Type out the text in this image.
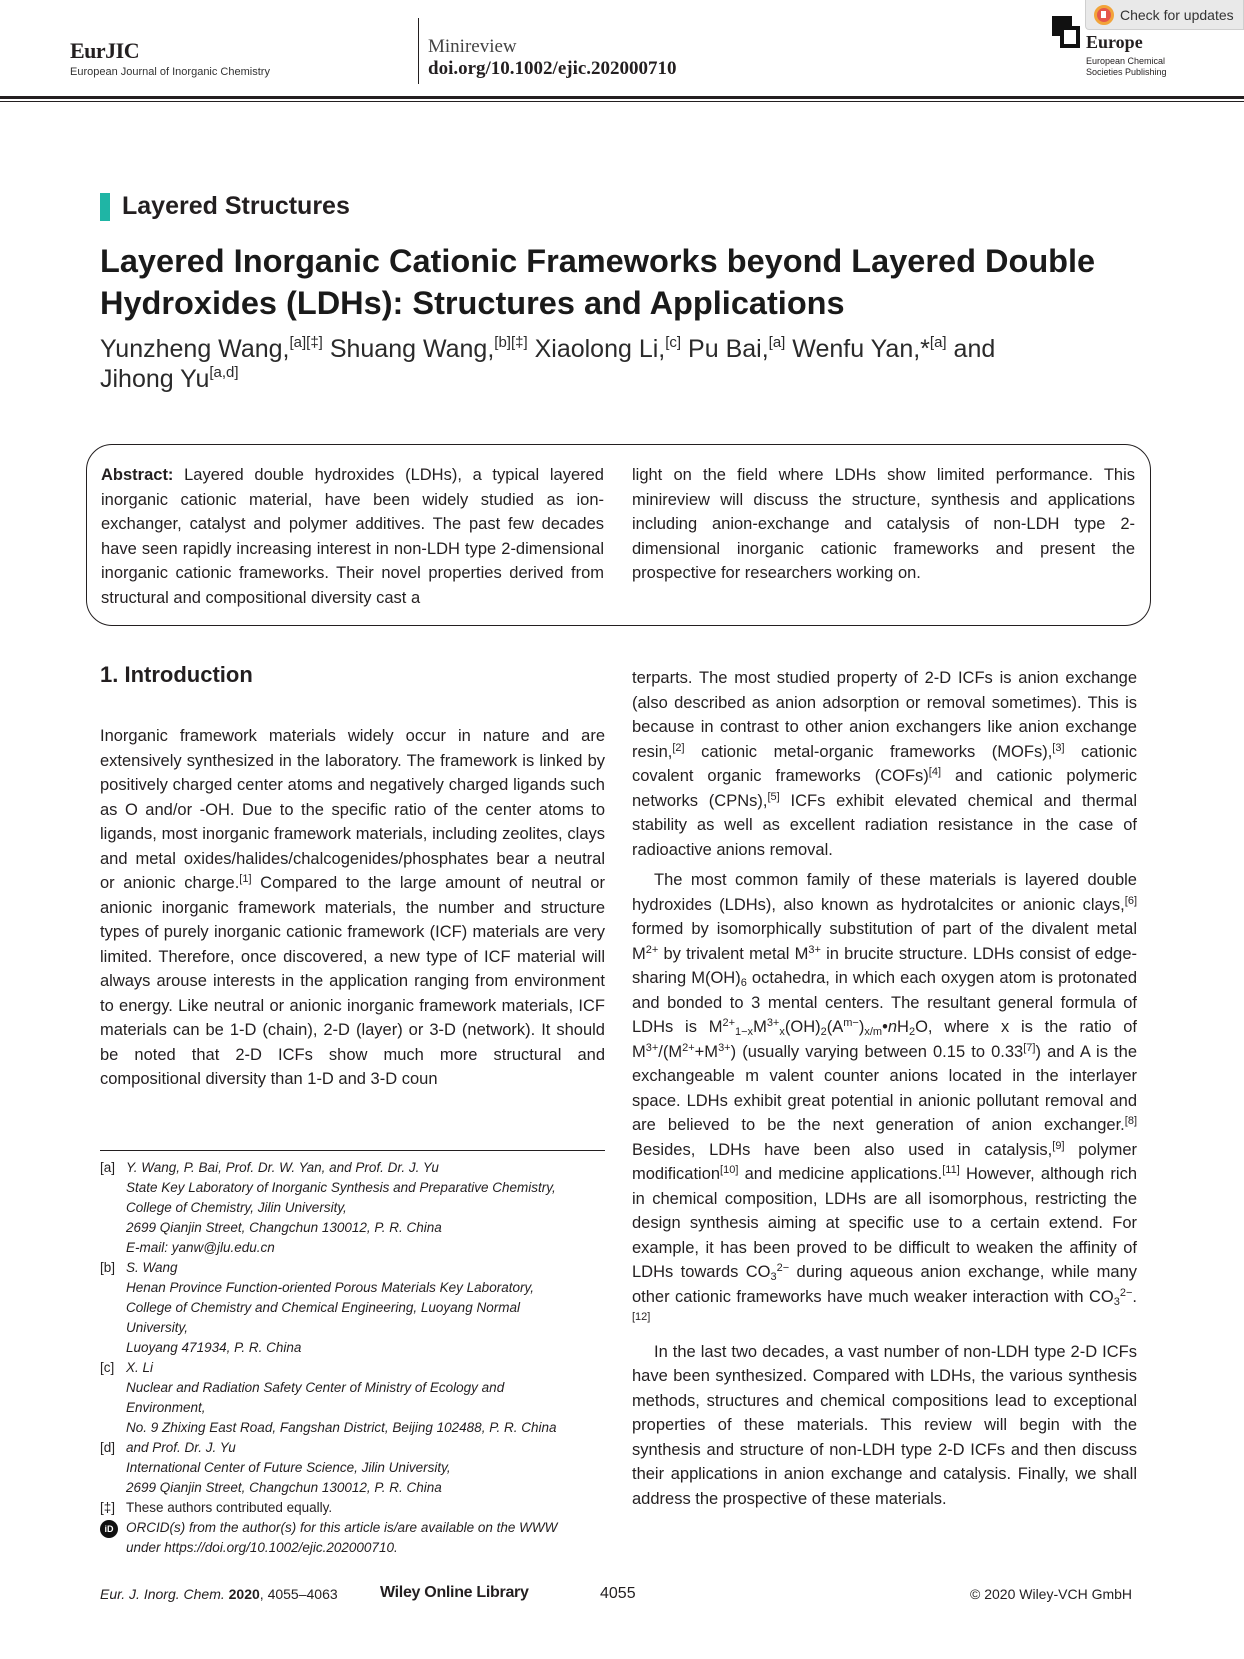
EurJIC
European Journal of Inorganic Chemistry
Minireview
doi.org/10.1002/ejic.202000710
Europe
European Chemical
Societies Publishing
Check for updates
Layered Structures
Layered Inorganic Cationic Frameworks beyond Layered Double
Hydroxides (LDHs): Structures and Applications
Yunzheng Wang,[a][‡] Shuang Wang,[b][‡] Xiaolong Li,[c] Pu Bai,[a] Wenfu Yan,*[a] and
Jihong Yu[a,d]
Abstract: Layered double hydroxides (LDHs), a typical layered inorganic cationic material, have been widely studied as ion-exchanger, catalyst and polymer additives. The past few decades have seen rapidly increasing interest in non-LDH type 2-dimensional inorganic cationic frameworks. Their novel properties derived from structural and compositional diversity cast a
light on the field where LDHs show limited performance. This minireview will discuss the structure, synthesis and applications including anion-exchange and catalysis of non-LDH type 2-dimensional inorganic cationic frameworks and present the prospective for researchers working on.
1. Introduction

Inorganic framework materials widely occur in nature and are extensively synthesized in the laboratory. The framework is linked by positively charged center atoms and negatively charged ligands such as O and/or -OH. Due to the specific ratio of the center atoms to ligands, most inorganic framework materials, including zeolites, clays and metal oxides/halides/chalcogenides/phosphates bear a neutral or anionic charge.[1] Compared to the large amount of neutral or anionic inorganic framework materials, the number and structure types of purely inorganic cationic framework (ICF) materials are very limited. Therefore, once discovered, a new type of ICF material will always arouse interests in the application ranging from environment to energy. Like neutral or anionic inorganic framework materials, ICF materials can be 1-D (chain), 2-D (layer) or 3-D (network). It should be noted that 2-D ICFs show much more structural and compositional diversity than 1-D and 3-D coun

terparts. The most studied property of 2-D ICFs is anion exchange (also described as anion adsorption or removal sometimes). This is because in contrast to other anion exchangers like anion exchange resin,[2] cationic metal-organic frameworks (MOFs),[3] cationic covalent organic frameworks (COFs)[4] and cationic polymeric networks (CPNs),[5] ICFs exhibit elevated chemical and thermal stability as well as excellent radiation resistance in the case of radioactive anions removal.

The most common family of these materials is layered double hydroxides (LDHs), also known as hydrotalcites or anionic clays,[6] formed by isomorphically substitution of part of the divalent metal $M^{2+}$ by trivalent metal $M^{3+}$ in brucite structure. LDHs consist of edge-sharing $M(OH)_6$ octahedra, in which each oxygen atom is protonated and bonded to 3 mental centers. The resultant general formula of LDHs is $M^{2+}_{1-x}M^{3+}_x(OH)_2(A^{m-})_{x/m}•nH_2O$, where x is the ratio of $M^{3+}/(M^{2+}+M^{3+})$ (usually varying between 0.15 to 0.33[7]) and A is the exchangeable m valent counter anions located in the interlayer space. LDHs exhibit great potential in anionic pollutant removal and are believed to be the next generation of anion exchanger.[8] Besides, LDHs have been also used in catalysis,[9] polymer modification[10] and medicine applications.[11] However, although rich in chemical composition, LDHs are all isomorphous, restricting the design synthesis aiming at specific use to a certain extend. For example, it has been proved to be difficult to weaken the affinity of LDHs towards $CO_3^{2-}$ during aqueous anion exchange, while many other cationic frameworks have much weaker interaction with $CO_3^{2-}.[12]$

In the last two decades, a vast number of non-LDH type 2-D ICFs have been synthesized. Compared with LDHs, the various synthesis methods, structures and chemical compositions lead to exceptional properties of these materials. This review will begin with the synthesis and structure of non-LDH type 2-D ICFs and then discuss their applications in anion exchange and catalysis. Finally, we shall address the prospective of these materials.

[a] Y. Wang, P. Bai, Prof. Dr. W. Yan, and Prof. Dr. J. Yu
State Key Laboratory of Inorganic Synthesis and Preparative Chemistry,
College of Chemistry, Jilin University,
2699 Qianjin Street, Changchun 130012, P. R. China
E-mail: yanw@jlu.edu.cn
[b] S. Wang
Henan Province Function-oriented Porous Materials Key Laboratory,
College of Chemistry and Chemical Engineering, Luoyang Normal
University,
Luoyang 471934, P. R. China
[c] X. Li
Nuclear and Radiation Safety Center of Ministry of Ecology and
Environment,
No. 9 Zhixing East Road, Fangshan District, Beijing 102488, P. R. China
[d] and Prof. Dr. J. Yu
International Center of Future Science, Jilin University,
2699 Qianjin Street, Changchun 130012, P. R. China
[‡] These authors contributed equally.
iD ORCID(s) from the author(s) for this article is/are available on the WWW
under https://doi.org/10.1002/ejic.202000710.
Eur. J. Inorg. Chem. 2020, 4055–4063	Wiley Online Library	4055	© 2020 Wiley-VCH GmbH
